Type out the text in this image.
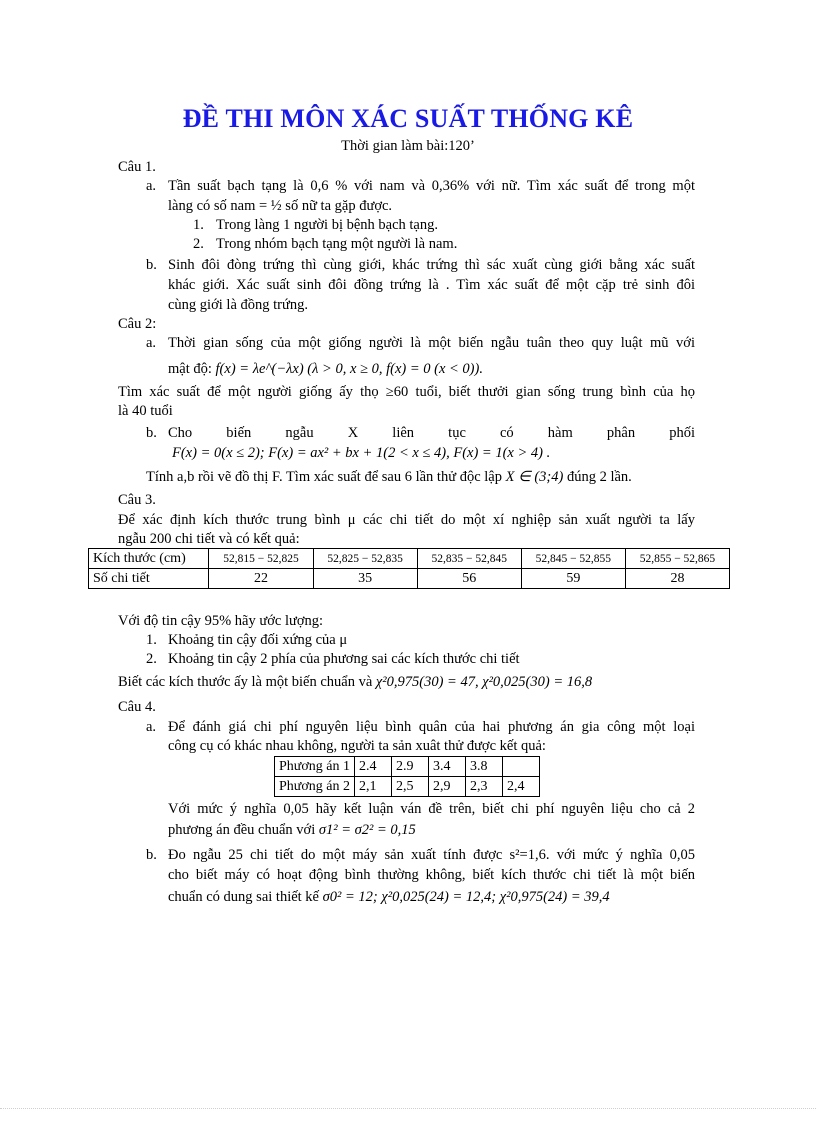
ĐỀ THI MÔN XÁC SUẤT THỐNG KÊ
Thời gian làm bài:120’
Câu 1.
a. Tần suất bạch tạng là 0,6 % với nam và 0,36% với nữ. Tìm xác suất để trong một
làng có số nam = ½ số nữ ta gặp được.
1. Trong làng 1 người bị bệnh bạch tạng.
2. Trong nhóm bạch tạng một người là nam.
b. Sinh đôi đòng trứng thì cùng giới, khác trứng thì sác xuất cùng giới bằng xác suất
khác giới. Xác suất sinh đôi đồng trứng là . Tìm xác suất để một cặp trẻ sinh đôi
cùng giới là đồng trứng.
Câu 2:
a. Thời gian sống của một giống người là một biến ngẫu tuân theo quy luật mũ với
mật độ: f(x) = λe^(−λx) (λ > 0, x ≥ 0, f(x) = 0 (x < 0)).
Tìm xác suất để một người giống ấy thọ ≥60 tuổi, biết thưởi gian sống trung bình của họ
là 40 tuổi
b. Cho biến ngẫu X liên tục có hàm phân phối
F(x) = 0(x ≤ 2); F(x) = ax² + bx + 1(2 < x ≤ 4), F(x) = 1(x > 4) .
Tính a,b rồi vẽ đồ thị F. Tìm xác suất để sau 6 lần thử độc lập X ∈ (3;4) đúng 2 lần.
Câu 3.
Để xác định kích thước trung bình μ các chi tiết do một xí nghiệp sản xuất người ta lấy
ngẫu 200 chi tiết và có kết quả:
Kích thước (cm)	52,815 − 52,825	52,825 − 52,835	52,835 − 52,845	52,845 − 52,855	52,855 − 52,865
Số chi tiết	22	35	56	59	28
Với độ tin cậy 95% hãy ước lượng:
1. Khoảng tin cậy đối xứng của μ
2. Khoảng tin cậy 2 phía của phương sai các kích thước chi tiết
Biết các kích thước ấy là một biến chuẩn và χ²0,975(30) = 47, χ²0,025(30) = 16,8
Câu 4.
a. Để đánh giá chi phí nguyên liệu bình quân của hai phương án gia công một loại
công cụ có khác nhau không, người ta sản xuât thử được kết quả:
Phương án 1	2.4	2.9	3.4	3.8	
Phương án 2	2,1	2,5	2,9	2,3	2,4
Với mức ý nghĩa 0,05 hãy kết luận ván đề trên, biết chi phí nguyên liệu cho cả 2
phương án đều chuẩn với σ1² = σ2² = 0,15
b. Đo ngẫu 25 chi tiết do một máy sản xuất tính được s²=1,6. với mức ý nghĩa 0,05
cho biết máy có hoạt động bình thường không, biết kích thước chi tiết là một biến
chuẩn có dung sai thiết kế σ0² = 12; χ²0,025(24) = 12,4; χ²0,975(24) = 39,4
